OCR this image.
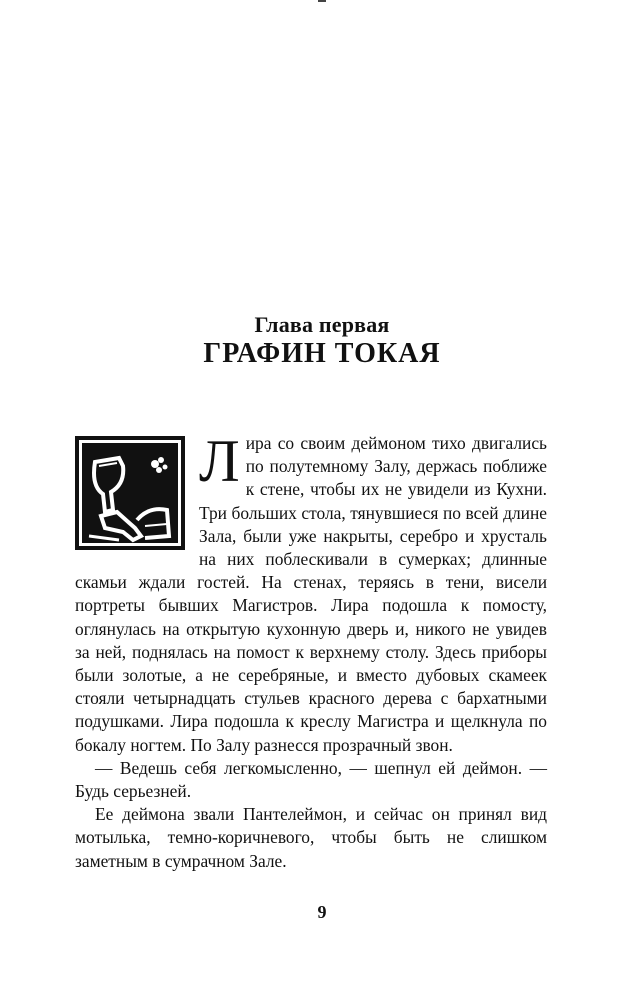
Глава первая
ГРАФИН ТОКАЯ

Л ира со своим деймоном тихо двигались по полутемному Залу, держась поближе к стене, чтобы их не увидели из Кухни. Три больших стола, тянувшиеся по всей длине Зала, были уже накрыты, серебро и хрусталь на них поблескивали в сумерках; длинные скамьи ждали гостей. На стенах, теряясь в тени, висели портреты бывших Магистров. Лира подошла к помосту, оглянулась на открытую кухонную дверь и, никого не увидев за ней, поднялась на помост к верхнему столу. Здесь приборы были золотые, а не серебряные, и вместо дубовых скамеек стояли четырнадцать стульев красного дерева с бархатными подушками. Лира подошла к креслу Магистра и щелкнула по бокалу ногтем. По Залу разнесся прозрачный звон.

— Ведешь себя легкомысленно, — шепнул ей деймон. — Будь серьезней.

Ее деймона звали Пантелеймон, и сейчас он принял вид мотылька, темно-коричневого, чтобы быть не слишком заметным в сумрачном Зале.

9
